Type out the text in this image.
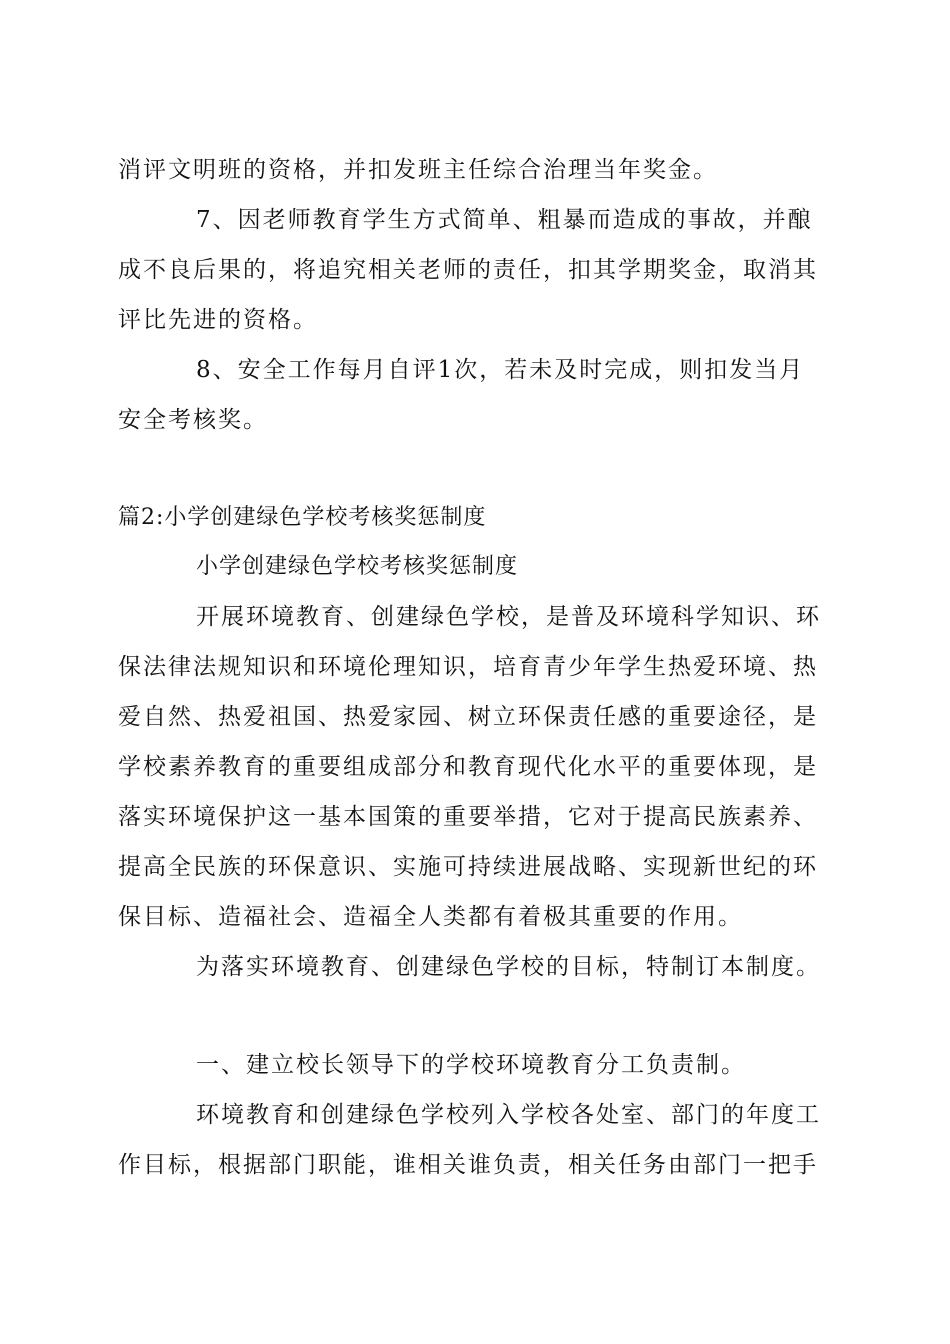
消评文明班的资格，并扣发班主任综合治理当年奖金。
7、因老师教育学生方式简单、粗暴而造成的事故，并酿
成不良后果的，将追究相关老师的责任，扣其学期奖金，取消其
评比先进的资格。
8、安全工作每月自评1次，若未及时完成，则扣发当月
安全考核奖。
篇2:小学创建绿色学校考核奖惩制度
小学创建绿色学校考核奖惩制度
开展环境教育、创建绿色学校，是普及环境科学知识、环
保法律法规知识和环境伦理知识，培育青少年学生热爱环境、热
爱自然、热爱祖国、热爱家园、树立环保责任感的重要途径，是
学校素养教育的重要组成部分和教育现代化水平的重要体现，是
落实环境保护这一基本国策的重要举措，它对于提高民族素养、
提高全民族的环保意识、实施可持续进展战略、实现新世纪的环
保目标、造福社会、造福全人类都有着极其重要的作用。
为落实环境教育、创建绿色学校的目标，特制订本制度。
一、建立校长领导下的学校环境教育分工负责制。
环境教育和创建绿色学校列入学校各处室、部门的年度工
作目标，根据部门职能，谁相关谁负责，相关任务由部门一把手
